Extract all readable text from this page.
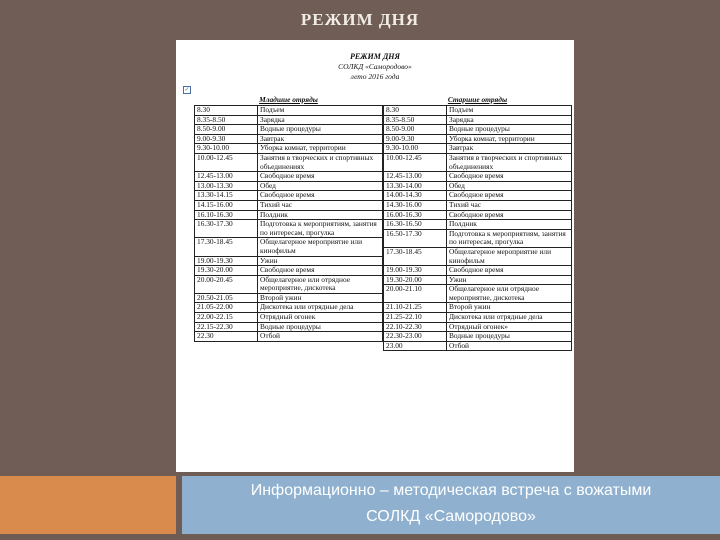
РЕЖИМ ДНЯ
РЕЖИМ ДНЯ
СОЛКД «Самородово»
лето 2016 года
✓
Младшие отряды	
8.30	Подъем
8.35-8.50	Зарядка
8.50-9.00	Водные процедуры
9.00-9.30	Завтрак
9.30-10.00	Уборка комнат, территории
10.00-12.45	Занятия в творческих и спортивных объединениях
12.45-13.00	Свободное время
13.00-13.30	Обед
13.30-14.15	Свободное время
14.15-16.00	Тихий час
16.10-16.30	Полдник
16.30-17.30	Подготовка к мероприятиям, занятия по интересам, прогулка
17.30-18.45	Общелагерное мероприятие или кинофильм
19.00-19.30	Ужин
19.30-20.00	Свободное время
20.00-20.45	Общелагерное или отрядное мероприятие, дискотека
20.50-21.05	Второй ужин
21.05-22.00	Дискотека или отрядные дела
22.00-22.15	Отрядный огонек
22.15-22.30	Водные процедуры
22.30	Отбой
Старшие отряды	
8.30	Подъем
8.35-8.50	Зарядка
8.50-9.00	Водные процедуры
9.00-9.30	Уборка комнат, территории
9.30-10.00	Завтрак
10.00-12.45	Занятия в творческих и спортивных объединениях
12.45-13.00	Свободное время
13.30-14.00	Обед
14.00-14.30	Свободное время
14.30-16.00	Тихий час
16.00-16.30	Свободное время
16.30-16.50	Полдник
16.50-17.30	Подготовка к мероприятиям, занятия по интересам, прогулка
17.30-18.45	Общелагерное мероприятие или кинофильм
19.00-19.30	Свободное время
19.30-20.00	Ужин
20.00-21.10	Общелагерное или отрядное мероприятие, дискотека
21.10-21.25	Второй ужин
21.25-22.10	Дискотека или отрядные дела
22.10-22.30	Отрядный огонек»
22.30-23.00	Водные процедуры
23.00	Отбой
Информационно – методическая встреча с вожатыми
СОЛКД «Самородово»
